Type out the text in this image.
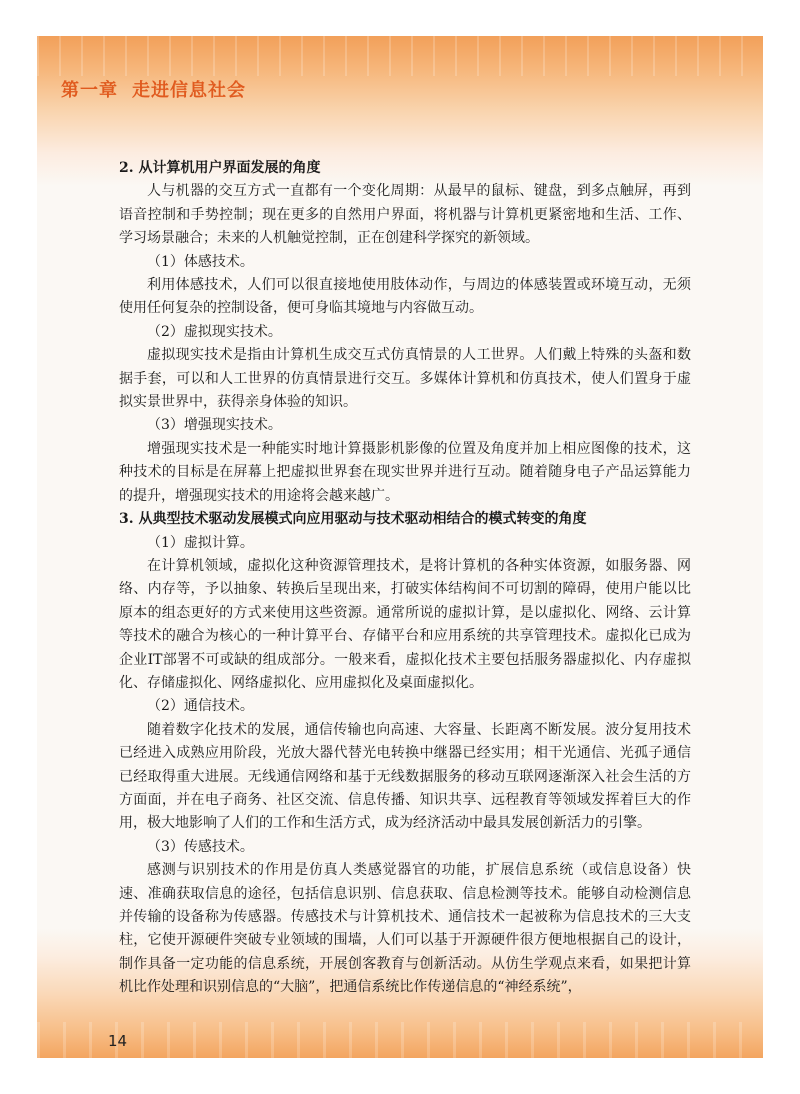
第一章 走进信息社会
14

2. 从计算机用户界面发展的角度

人与机器的交互方式一直都有一个变化周期：从最早的鼠标、键盘，到多点触屏，再到语音控制和手势控制；现在更多的自然用户界面，将机器与计算机更紧密地和生活、工作、学习场景融合；未来的人机触觉控制，正在创建科学探究的新领域。

（1）体感技术。

利用体感技术，人们可以很直接地使用肢体动作，与周边的体感装置或环境互动，无须使用任何复杂的控制设备，便可身临其境地与内容做互动。

（2）虚拟现实技术。

虚拟现实技术是指由计算机生成交互式仿真情景的人工世界。人们戴上特殊的头盔和数据手套，可以和人工世界的仿真情景进行交互。多媒体计算机和仿真技术，使人们置身于虚拟实景世界中，获得亲身体验的知识。

（3）增强现实技术。

增强现实技术是一种能实时地计算摄影机影像的位置及角度并加上相应图像的技术，这种技术的目标是在屏幕上把虚拟世界套在现实世界并进行互动。随着随身电子产品运算能力的提升，增强现实技术的用途将会越来越广。

3. 从典型技术驱动发展模式向应用驱动与技术驱动相结合的模式转变的角度

（1）虚拟计算。

在计算机领域，虚拟化这种资源管理技术，是将计算机的各种实体资源，如服务器、网络、内存等，予以抽象、转换后呈现出来，打破实体结构间不可切割的障碍，使用户能以比原本的组态更好的方式来使用这些资源。通常所说的虚拟计算，是以虚拟化、网络、云计算等技术的融合为核心的一种计算平台、存储平台和应用系统的共享管理技术。虚拟化已成为企业IT部署不可或缺的组成部分。一般来看，虚拟化技术主要包括服务器虚拟化、内存虚拟化、存储虚拟化、网络虚拟化、应用虚拟化及桌面虚拟化。

（2）通信技术。

随着数字化技术的发展，通信传输也向高速、大容量、长距离不断发展。波分复用技术已经进入成熟应用阶段，光放大器代替光电转换中继器已经实用；相干光通信、光孤子通信已经取得重大进展。无线通信网络和基于无线数据服务的移动互联网逐渐深入社会生活的方方面面，并在电子商务、社区交流、信息传播、知识共享、远程教育等领域发挥着巨大的作用，极大地影响了人们的工作和生活方式，成为经济活动中最具发展创新活力的引擎。

（3）传感技术。

感测与识别技术的作用是仿真人类感觉器官的功能，扩展信息系统（或信息设备）快速、准确获取信息的途径，包括信息识别、信息获取、信息检测等技术。能够自动检测信息并传输的设备称为传感器。传感技术与计算机技术、通信技术一起被称为信息技术的三大支柱，它使开源硬件突破专业领域的围墙，人们可以基于开源硬件很方便地根据自己的设计，制作具备一定功能的信息系统，开展创客教育与创新活动。从仿生学观点来看，如果把计算机比作处理和识别信息的“大脑”，把通信系统比作传递信息的“神经系统”，
